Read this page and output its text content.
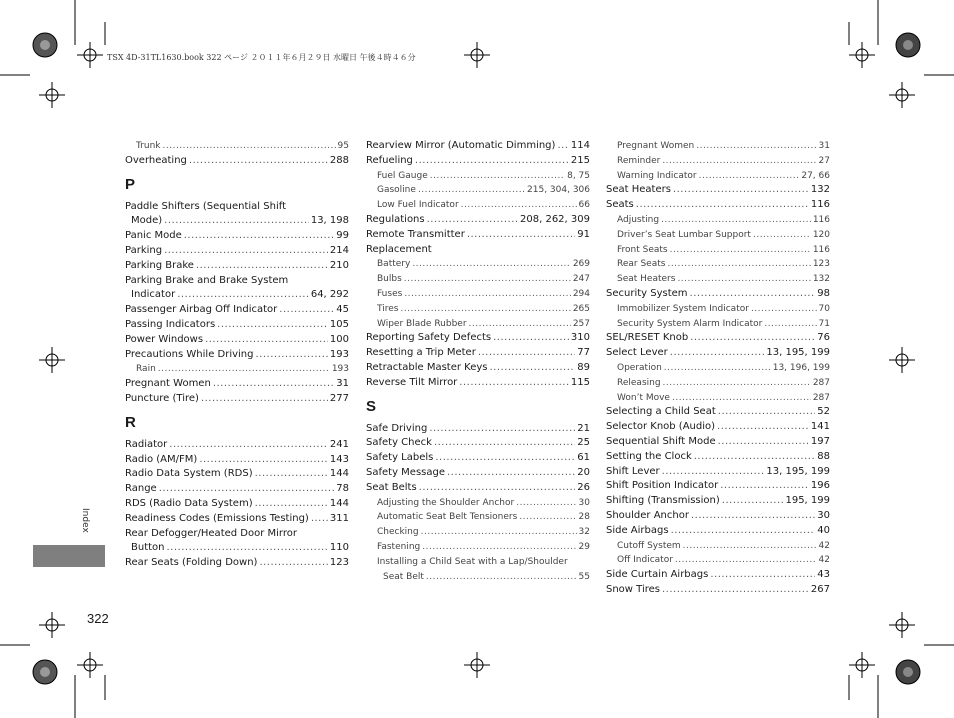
TSX 4D-31TL1630.book 322 ページ ２０１１年６月２９日 水曜日 午後４時４６分
Trunk .....	95
Overheating .....	288
P
Paddle Shifters (Sequential Shift
Mode) .....	13, 198
Panic Mode .....	99
Parking .....	214
Parking Brake .....	210
Parking Brake and Brake System
Indicator .....	64, 292
Passenger Airbag Off Indicator .....	45
Passing Indicators .....	105
Power Windows .....	100
Precautions While Driving .....	193
Rain .....	193
Pregnant Women .....	31
Puncture (Tire) .....	277
R
Radiator .....	241
Radio (AM/FM) .....	143
Radio Data System (RDS) .....	144
Range .....	78
RDS (Radio Data System) .....	144
Readiness Codes (Emissions Testing) ..... 311
Rear Defogger/Heated Door Mirror
Button .....	110
Rear Seats (Folding Down) .....	123
Rearview Mirror (Automatic Dimming) ..... 114
Refueling .....	215
Fuel Gauge .....	8, 75
Gasoline .....	215, 304, 306
Low Fuel Indicator .....	66
Regulations .....	208, 262, 309
Remote Transmitter .....	91
Replacement
Battery .....	269
Bulbs .....	247
Fuses .....	294
Tires .....	265
Wiper Blade Rubber .....	257
Reporting Safety Defects .....	310
Resetting a Trip Meter .....	77
Retractable Master Keys .....	89
Reverse Tilt Mirror .....	115
S
Safe Driving .....	21
Safety Check .....	25
Safety Labels .....	61
Safety Message .....	20
Seat Belts .....	26
Adjusting the Shoulder Anchor .....	30
Automatic Seat Belt Tensioners .....	28
Checking .....	32
Fastening .....	29
Installing a Child Seat with a Lap/Shoulder
Seat Belt .....	55
Pregnant Women .....	31
Reminder .....	27
Warning Indicator .....	27, 66
Seat Heaters .....	132
Seats .....	116
Adjusting .....	116
Driver’s Seat Lumbar Support .....	120
Front Seats .....	116
Rear Seats .....	123
Seat Heaters .....	132
Security System .....	98
Immobilizer System Indicator .....	70
Security System Alarm Indicator .....	71
SEL/RESET Knob .....	76
Select Lever .....	13, 195, 199
Operation .....	13, 196, 199
Releasing .....	287
Won’t Move .....	287
Selecting a Child Seat .....	52
Selector Knob (Audio) .....	141
Sequential Shift Mode .....	197
Setting the Clock .....	88
Shift Lever .....	13, 195, 199
Shift Position Indicator .....	196
Shifting (Transmission) .....	195, 199
Shoulder Anchor .....	30
Side Airbags .....	40
Cutoff System .....	42
Off Indicator .....	42
Side Curtain Airbags .....	43
Snow Tires .....	267
Index
322
